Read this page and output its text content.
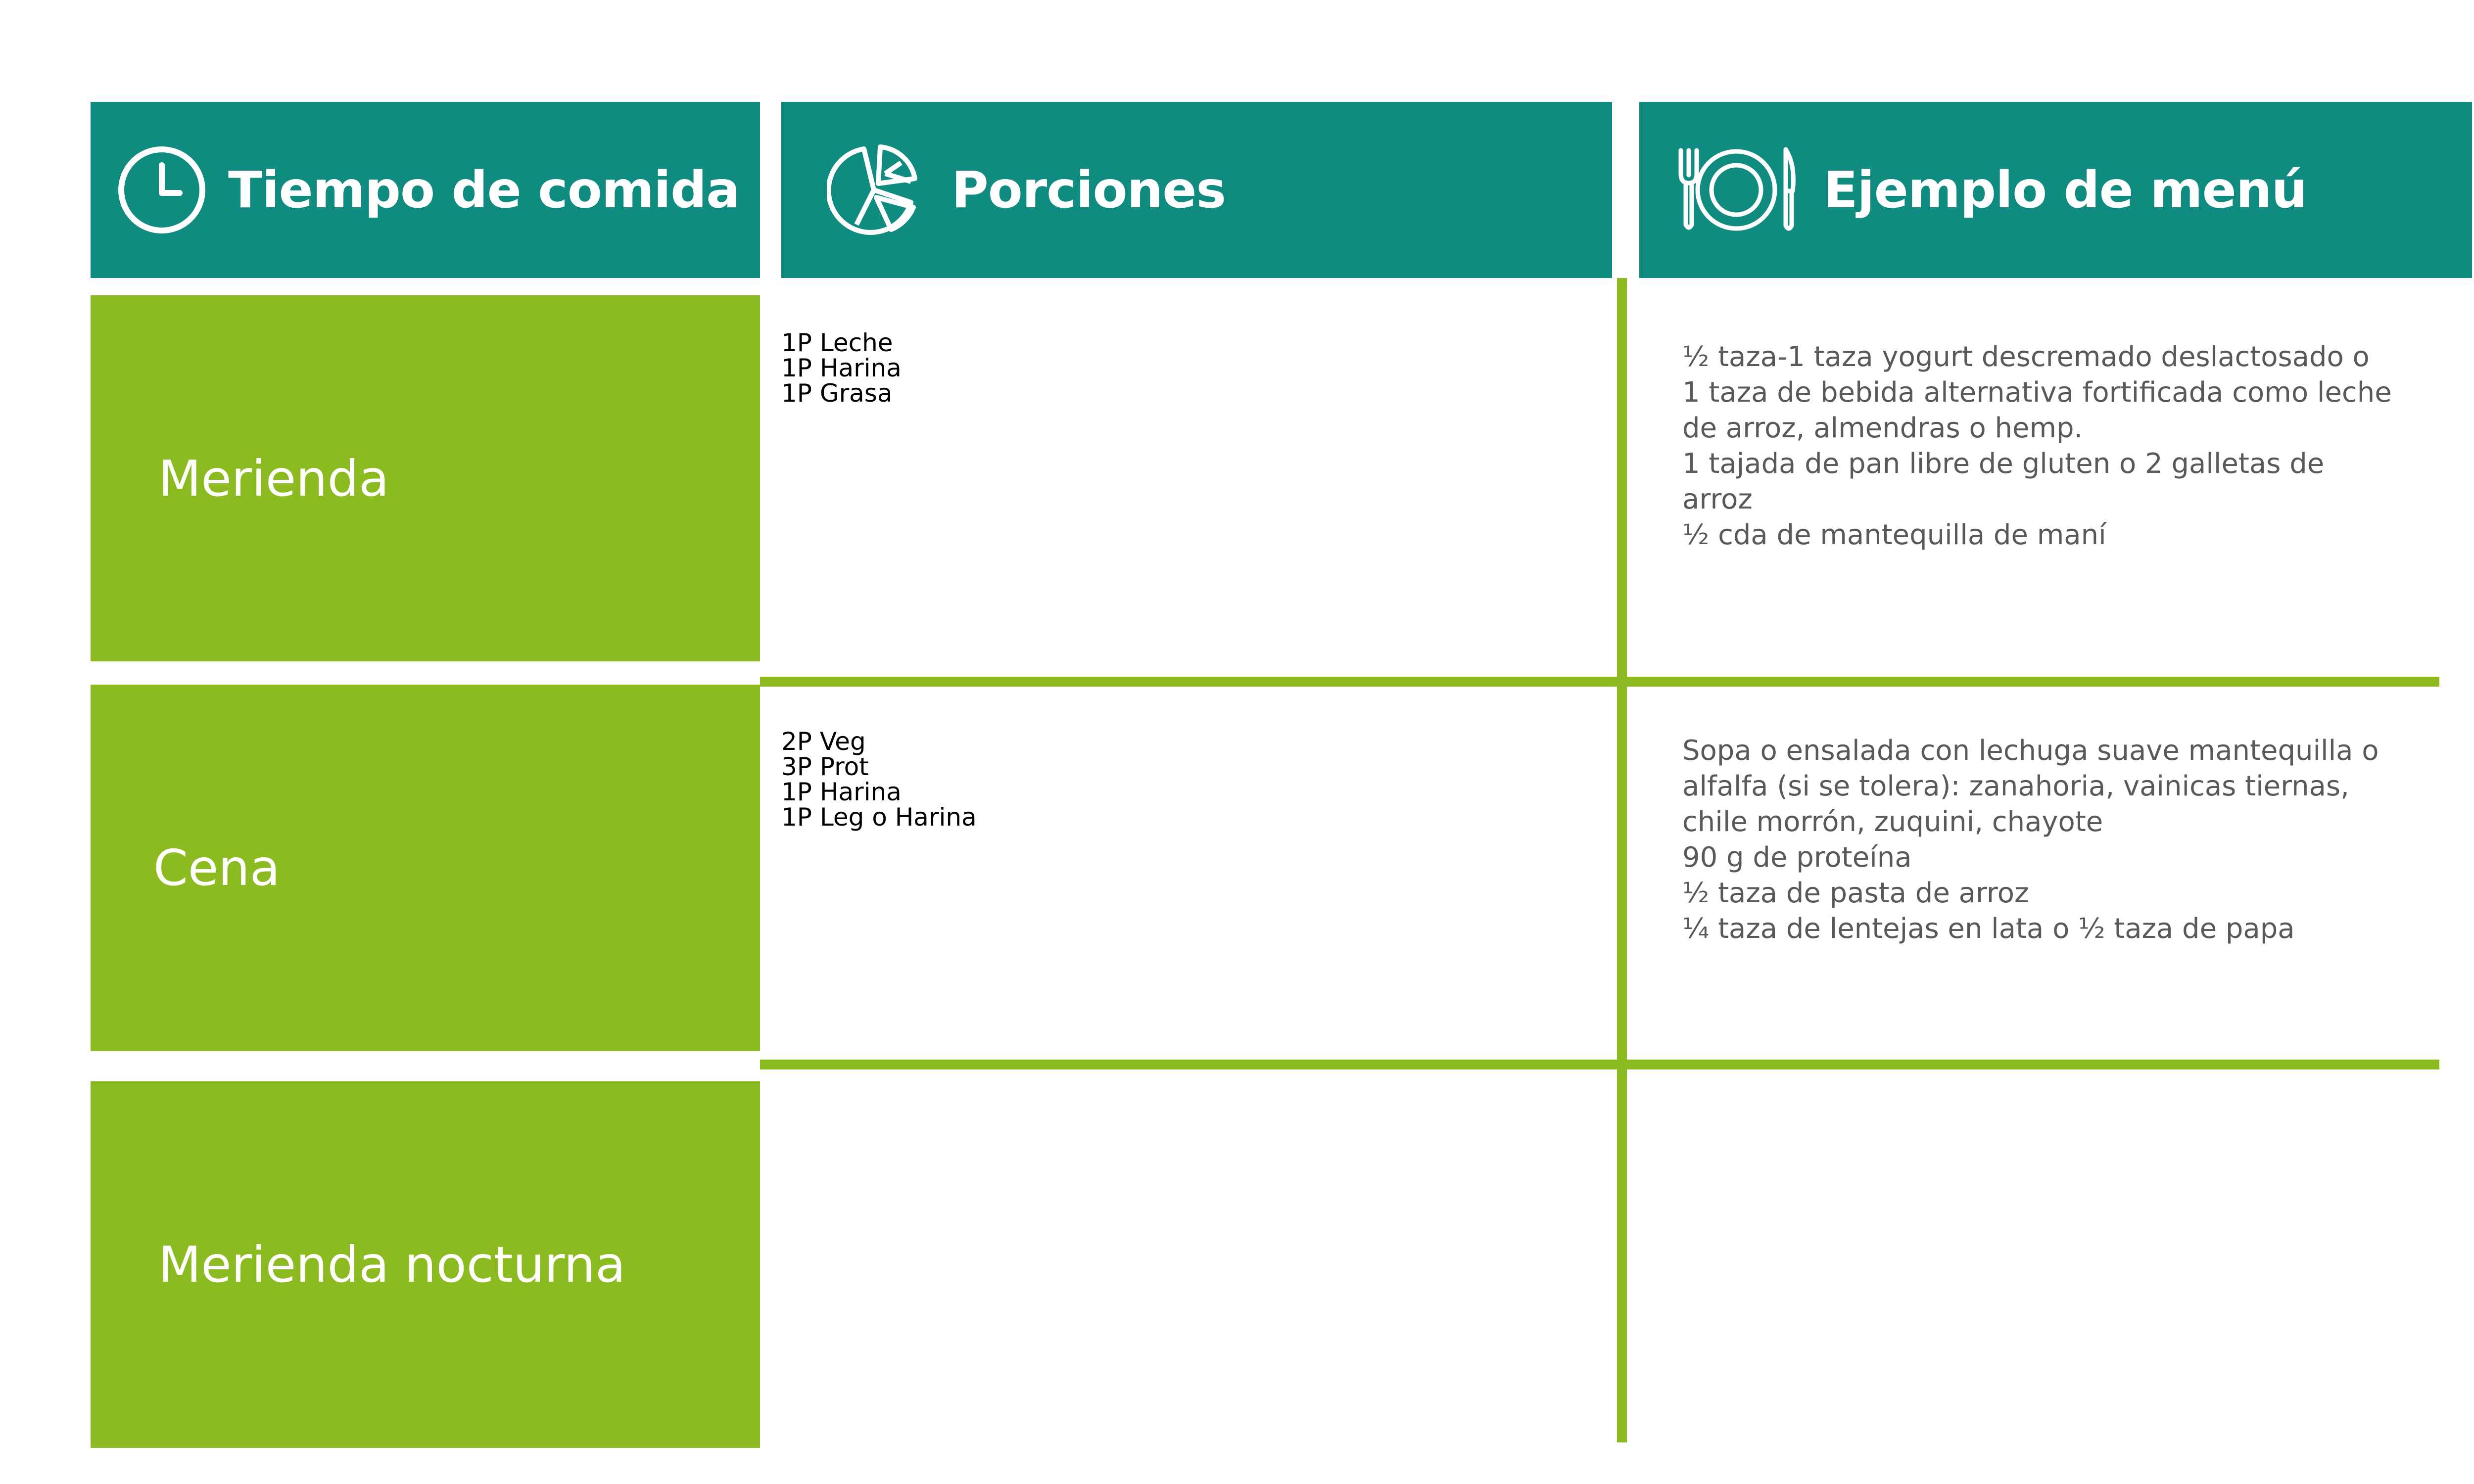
Tiempo de comida	Porciones	Ejemplo de menú
Merienda
Cena
Merienda nocturna
1P Leche
1P Harina
1P Grasa
2P Veg
3P Prot
1P Harina
1P Leg o Harina
½ taza-1 taza yogurt descremado deslactosado o
1 taza de bebida alternativa fortificada como leche
de arroz, almendras o hemp.
1 tajada de pan libre de gluten o 2 galletas de
arroz
½ cda de mantequilla de maní
Sopa o ensalada con lechuga suave mantequilla o
alfalfa (si se tolera): zanahoria, vainicas tiernas,
chile morrón, zuquini, chayote
90 g de proteína
½ taza de pasta de arroz
¼ taza de lentejas en lata o ½ taza de papa
